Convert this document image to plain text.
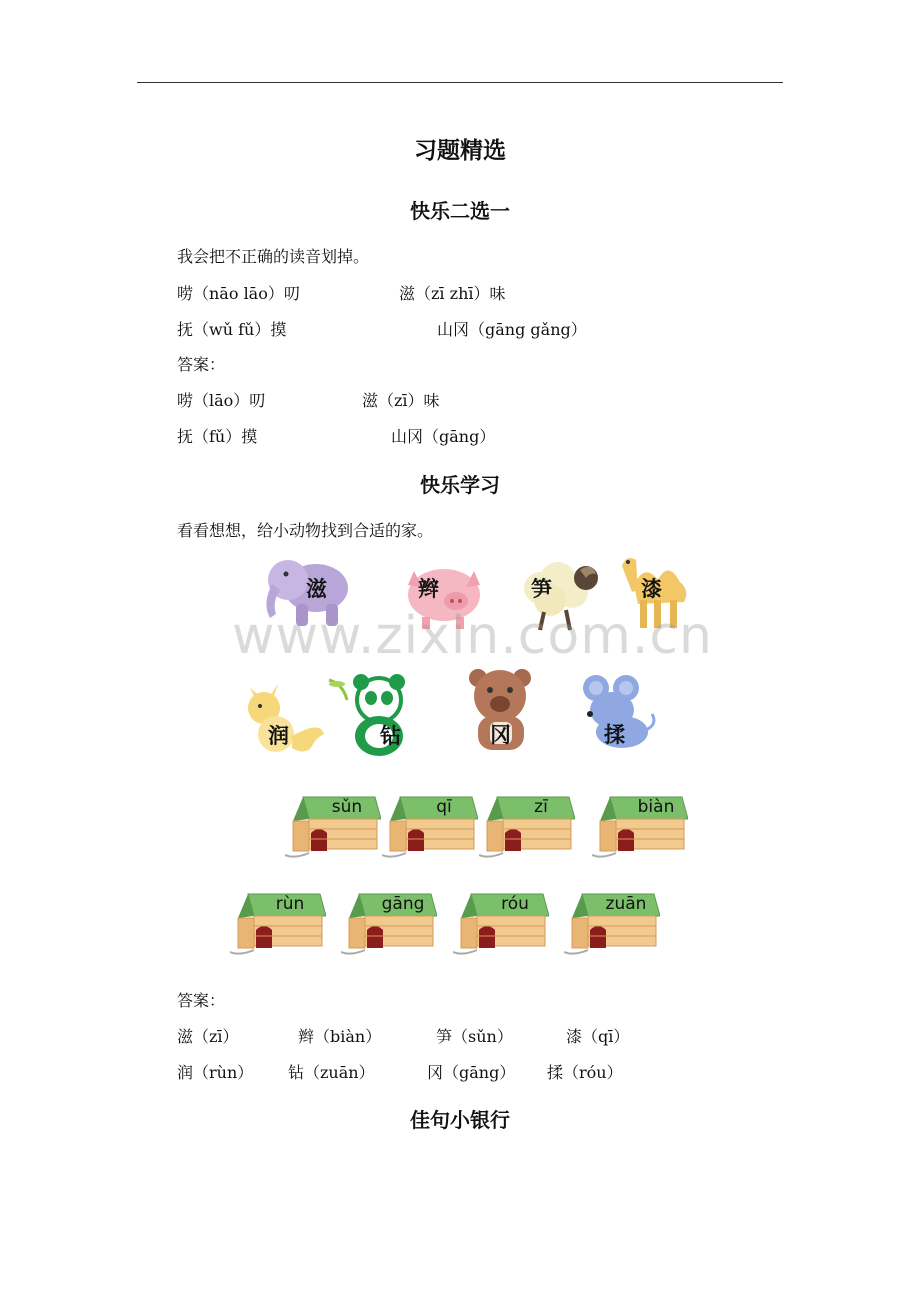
习题精选
快乐二选一
我会把不正确的读音划掉。
唠（nāo lāo）叨	滋（zī zhī）味
抚（wǔ fǔ）摸	山冈（gāng gǎng）
答案：
唠（lāo）叨	滋（zī）味
抚（fǔ）摸	山冈（gāng）
快乐学习
看看想想，给小动物找到合适的家。
滋	辫	笋	漆
润	钻	冈	揉
www.zixin.com.cn
sǔn	qī	zī	biàn
rùn	gāng	róu	zuān
答案：
滋（zī）	辫（biàn）	笋（sǔn）	漆（qī）
润（rùn） 钻（zuān）	冈（gāng） 揉（róu）
佳句小银行
